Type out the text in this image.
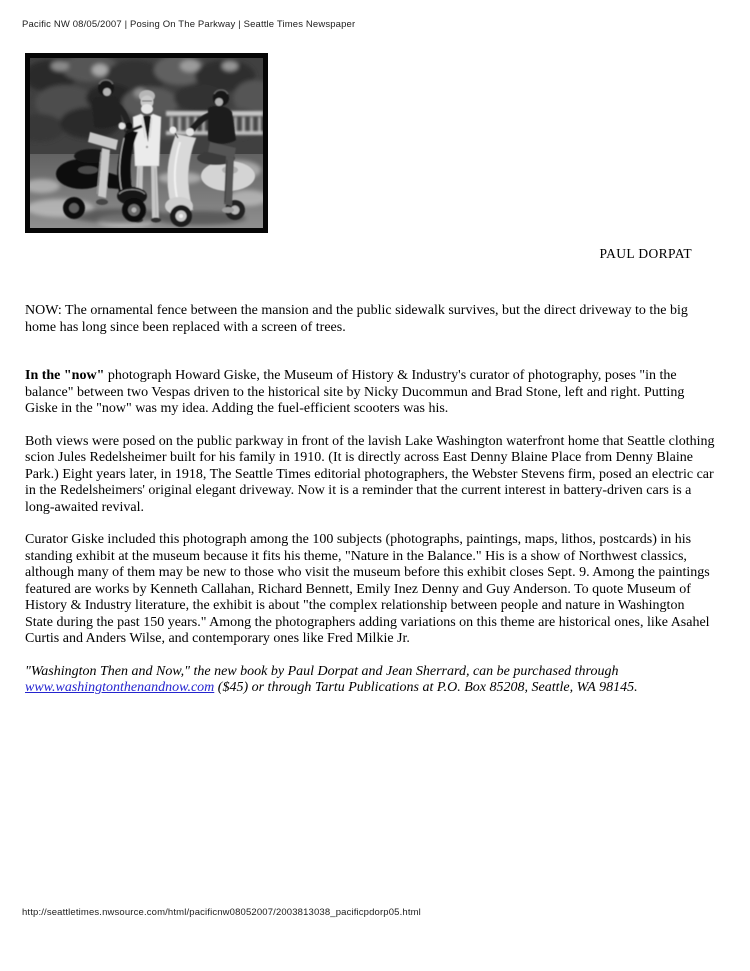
Pacific NW 08/05/2007 | Posing On The Parkway | Seattle Times Newspaper
PAUL DORPAT

NOW: The ornamental fence between the mansion and the public sidewalk survives, but the direct driveway to the big home has long since been replaced with a screen of trees.

In the "now" photograph Howard Giske, the Museum of History & Industry's curator of photography, poses "in the balance" between two Vespas driven to the historical site by Nicky Ducommun and Brad Stone, left and right. Putting Giske in the "now" was my idea. Adding the fuel-efficient scooters was his.

Both views were posed on the public parkway in front of the lavish Lake Washington waterfront home that Seattle clothing scion Jules Redelsheimer built for his family in 1910. (It is directly across East Denny Blaine Place from Denny Blaine Park.) Eight years later, in 1918, The Seattle Times editorial photographers, the Webster Stevens firm, posed an electric car in the Redelsheimers' original elegant driveway. Now it is a reminder that the current interest in battery-driven cars is a long-awaited revival.

Curator Giske included this photograph among the 100 subjects (photographs, paintings, maps, lithos, postcards) in his standing exhibit at the museum because it fits his theme, "Nature in the Balance." His is a show of Northwest classics, although many of them may be new to those who visit the museum before this exhibit closes Sept. 9. Among the paintings featured are works by Kenneth Callahan, Richard Bennett, Emily Inez Denny and Guy Anderson. To quote Museum of History & Industry literature, the exhibit is about "the complex relationship between people and nature in Washington State during the past 150 years." Among the photographers adding variations on this theme are historical ones, like Asahel Curtis and Anders Wilse, and contemporary ones like Fred Milkie Jr.

"Washington Then and Now," the new book by Paul Dorpat and Jean Sherrard, can be purchased through www.washingtonthenandnow.com ($45) or through Tartu Publications at P.O. Box 85208, Seattle, WA 98145.

http://seattletimes.nwsource.com/html/pacificnw08052007/2003813038_pacificpdorp05.html
